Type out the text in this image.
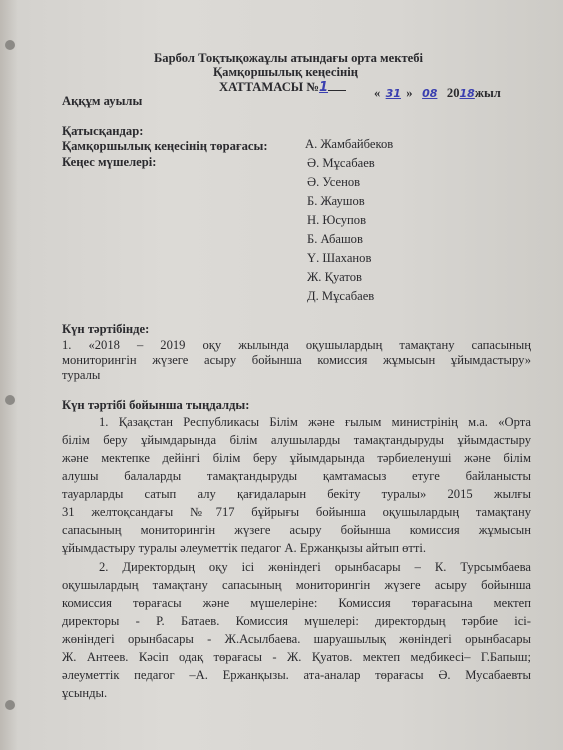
Барбол Тоқтықожаұлы атындағы орта мектебі
Қамқоршылық кеңесінің
ХАТТАМАСЫ №1
Аққұм ауылы
« 31 » 08 2018жыл
Қатысқандар:
Қамқоршылық кеңесінің төрағасы:	А. Жамбайбеков
Кеңес мүшелері:	Ә. Мұсабаев
Ә. Усенов
Б. Жаушов
Н. Юсупов
Б. Абашов
Ү. Шаханов
Ж. Қуатов
Д. Мұсабаев
Күн тәртібінде:
1. «2018 – 2019 оқу жылында оқушылардың тамақтану сапасының
мониторингін жүзеге асыру бойынша комиссия жұмысын ұйымдастыру»
туралы
Күн тәртібі бойынша тыңдалды:
1. Қазақстан Республикасы Білім және ғылым министрінің м.а. «Орта
білім беру ұйымдарында білім алушыларды тамақтандыруды ұйымдастыру
және мектепке дейінгі білім беру ұйымдарында тәрбиеленуші және білім
алушы балаларды тамақтандыруды қамтамасыз етуге байланысты
тауарларды сатып алу қағидаларын бекіту туралы» 2015 жылғы
31 желтоқсандағы №717 бұйрығы бойынша оқушылардың тамақтану
сапасының мониторингін жүзеге асыру бойынша комиссия жұмысын
ұйымдастыру туралы әлеуметтік педагог А. Ержанқызы айтып өтті.
2. Директордың оқу ісі жөніндегі орынбасары – К. Турсымбаева
оқушылардың тамақтану сапасының мониторингін жүзеге асыру бойынша
комиссия төрағасы және мүшелеріне: Комиссия төрағасына мектеп
директоры - Р. Батаев. Комиссия мүшелері: директордың тәрбие ісі-
жөніндегі орынбасары - Ж.Асылбаева. шаруашылық жөніндегі орынбасары
Ж. Антеев. Кәсіп одақ төрағасы - Ж. Қуатов. мектеп медбикесі– Г.Бапыш;
әлеуметтік педагог –А. Ержанқызы. ата-аналар төрағасы Ә. Мусабаевты
ұсынды.
